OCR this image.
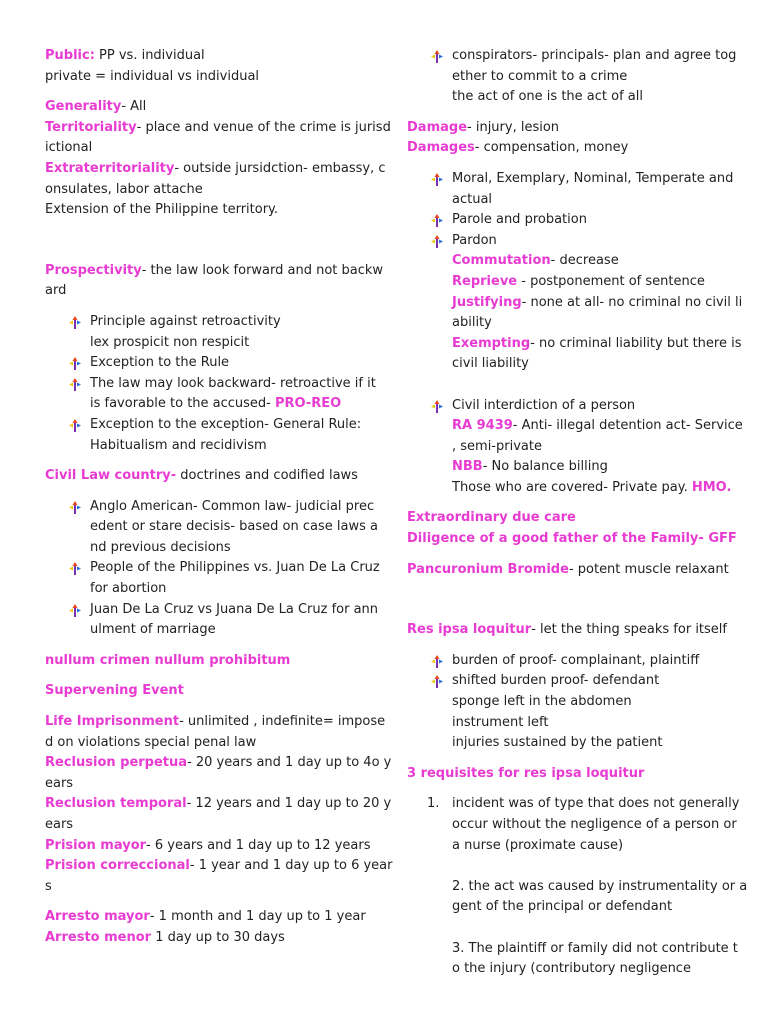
Public: PP vs. individual
private = individual vs individual
Generality- All
Territoriality- place and venue of the crime is jurisd
ictional
Extraterritoriality- outside jursidction- embassy, c
onsulates, labor attache
Extension of the Philippine territory.
Prospectivity- the law look forward and not backw
ard
Principle against retroactivity
lex prospicit non respicit
Exception to the Rule
The law may look backward- retroactive if it
is favorable to the accused- PRO-REO
Exception to the exception- General Rule:
Habitualism and recidivism
Civil Law country- doctrines and codified laws
Anglo American- Common law- judicial prec
edent or stare decisis- based on case laws a
nd previous decisions
People of the Philippines vs. Juan De La Cruz
for abortion
Juan De La Cruz vs Juana De La Cruz for ann
ulment of marriage
nullum crimen nullum prohibitum
Supervening Event
Life Imprisonment- unlimited , indefinite= impose
d on violations special penal law
Reclusion perpetua- 20 years and 1 day up to 4o y
ears
Reclusion temporal- 12 years and 1 day up to 20 y
ears
Prision mayor- 6 years and 1 day up to 12 years
Prision correccional- 1 year and 1 day up to 6 year
s
Arresto mayor- 1 month and 1 day up to 1 year
Arresto menor 1 day up to 30 days
conspirators- principals- plan and agree tog
ether to commit to a crime
the act of one is the act of all
Damage- injury, lesion
Damages- compensation, money
Moral, Exemplary, Nominal, Temperate and
actual
Parole and probation
Pardon
Commutation- decrease
Reprieve - postponement of sentence
Justifying- none at all- no criminal no civil li
ability
Exempting- no criminal liability but there is
civil liability
Civil interdiction of a person
RA 9439- Anti- illegal detention act- Service
, semi-private
NBB- No balance billing
Those who are covered- Private pay. HMO.
Extraordinary due care
Diligence of a good father of the Family- GFF
Pancuronium Bromide- potent muscle relaxant
Res ipsa loquitur- let the thing speaks for itself
burden of proof- complainant, plaintiff
shifted burden proof- defendant
sponge left in the abdomen
instrument left
injuries sustained by the patient
3 requisites for res ipsa loquitur
1. incident was of type that does not generally
occur without the negligence of a person or
a nurse (proximate cause)
2. the act was caused by instrumentality or a
gent of the principal or defendant
3. The plaintiff or family did not contribute t
o the injury (contributory negligence
